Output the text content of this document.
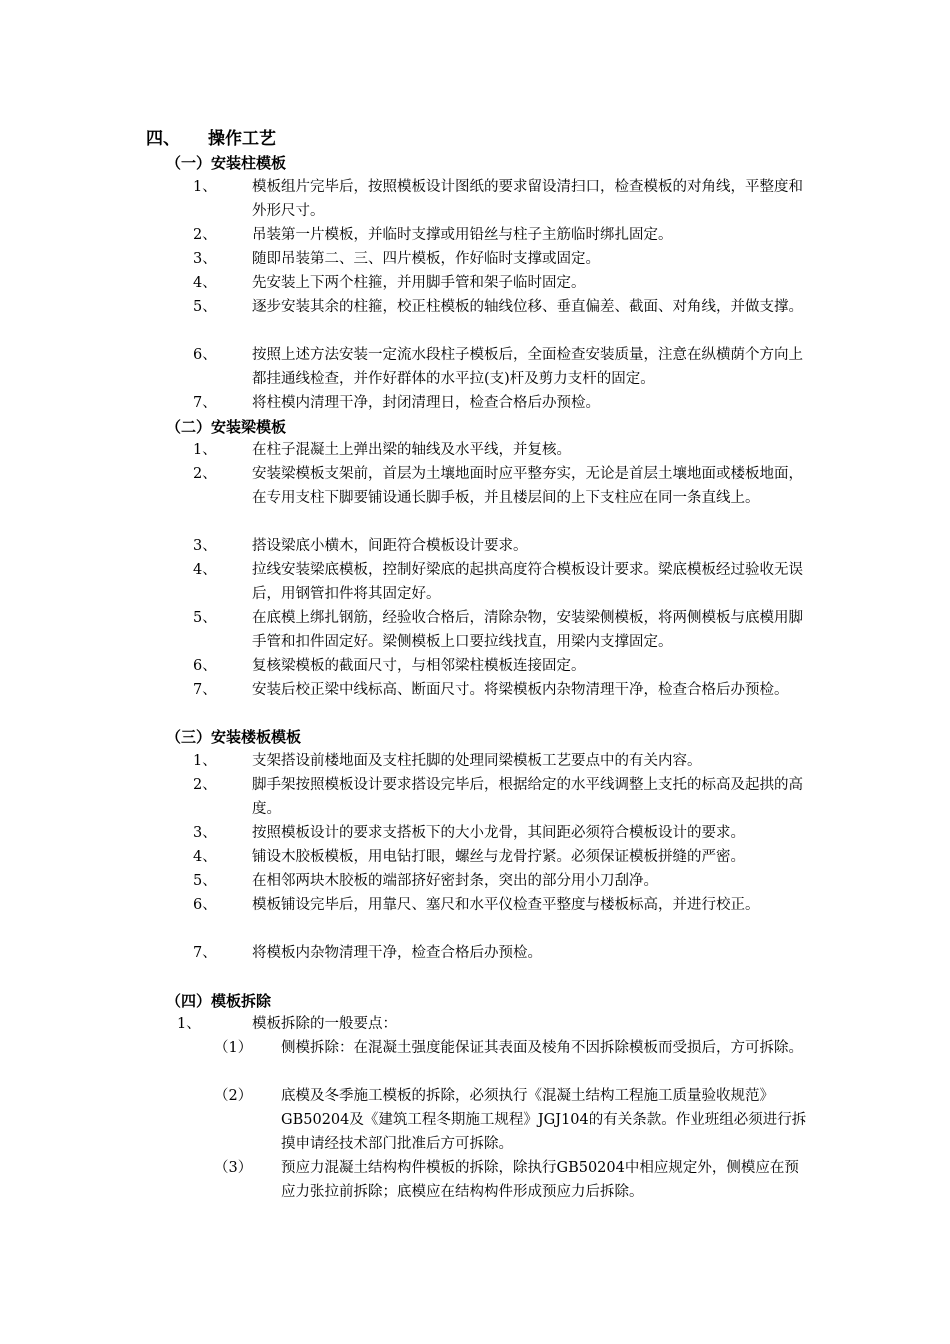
四、 操作工艺
（一）安装柱模板
1、	模板组片完毕后，按照模板设计图纸的要求留设清扫口，检查模板的对角线，平整度和外形尺寸。
2、	吊装第一片模板，并临时支撑或用铅丝与柱子主筋临时绑扎固定。
3、	随即吊装第二、三、四片模板，作好临时支撑或固定。
4、	先安装上下两个柱箍，并用脚手管和架子临时固定。
5、	逐步安装其余的柱箍，校正柱模板的轴线位移、垂直偏差、截面、对角线，并做支撑。
6、	按照上述方法安装一定流水段柱子模板后，全面检查安装质量，注意在纵横荫个方向上都挂通线检查，并作好群体的水平拉(支)杆及剪力支杆的固定。
7、	将柱模内清理干净，封闭清理日，检查合格后办预检。
（二）安装梁模板
1、	在柱子混凝土上弹出梁的轴线及水平线，并复核。
2、	安装梁模板支架前，首层为土壤地面时应平整夯实，无论是首层土壤地面或楼板地面，在专用支柱下脚要铺设通长脚手板，并且楼层间的上下支柱应在同一条直线上。
3、	搭设梁底小横木，间距符合模板设计要求。
4、	拉线安装梁底模板，控制好梁底的起拱高度符合模板设计要求。梁底模板经过验收无误后，用钢管扣件将其固定好。
5、	在底模上绑扎钢筋，经验收合格后，清除杂物，安装梁侧模板，将两侧模板与底模用脚手管和扣件固定好。梁侧模板上口要拉线找直，用梁内支撑固定。
6、	复核梁模板的截面尺寸，与相邻梁柱模板连接固定。
7、	安装后校正梁中线标高、断面尺寸。将梁模板内杂物清理干净，检查合格后办预检。
（三）安装楼板模板
1、	支架搭设前楼地面及支柱托脚的处理同梁模板工艺要点中的有关内容。
2、	脚手架按照模板设计要求搭设完毕后，根据给定的水平线调整上支托的标高及起拱的高度。
3、	按照模板设计的要求支搭板下的大小龙骨，其间距必须符合模板设计的要求。
4、	铺设木胶板模板，用电钻打眼，螺丝与龙骨拧紧。必须保证模板拼缝的严密。
5、	在相邻两块木胶板的端部挤好密封条，突出的部分用小刀刮净。
6、	模板铺设完毕后，用靠尺、塞尺和水平仪检查平整度与楼板标高，并进行校正。
7、	将模板内杂物清理干净，检查合格后办预检。
（四）模板拆除
1、	模板拆除的一般要点：
（1） 侧模拆除：在混凝土强度能保证其表面及棱角不因拆除模板而受损后，方可拆除。
（2） 底模及冬季施工模板的拆除，必须执行《混凝土结构工程施工质量验收规范》GB50204及《建筑工程冬期施工规程》JGJ104的有关条款。作业班组必须进行拆摸申请经技术部门批准后方可拆除。
（3） 预应力混凝土结构构件模板的拆除，除执行GB50204中相应规定外，侧模应在预应力张拉前拆除；底模应在结构构件形成预应力后拆除。
